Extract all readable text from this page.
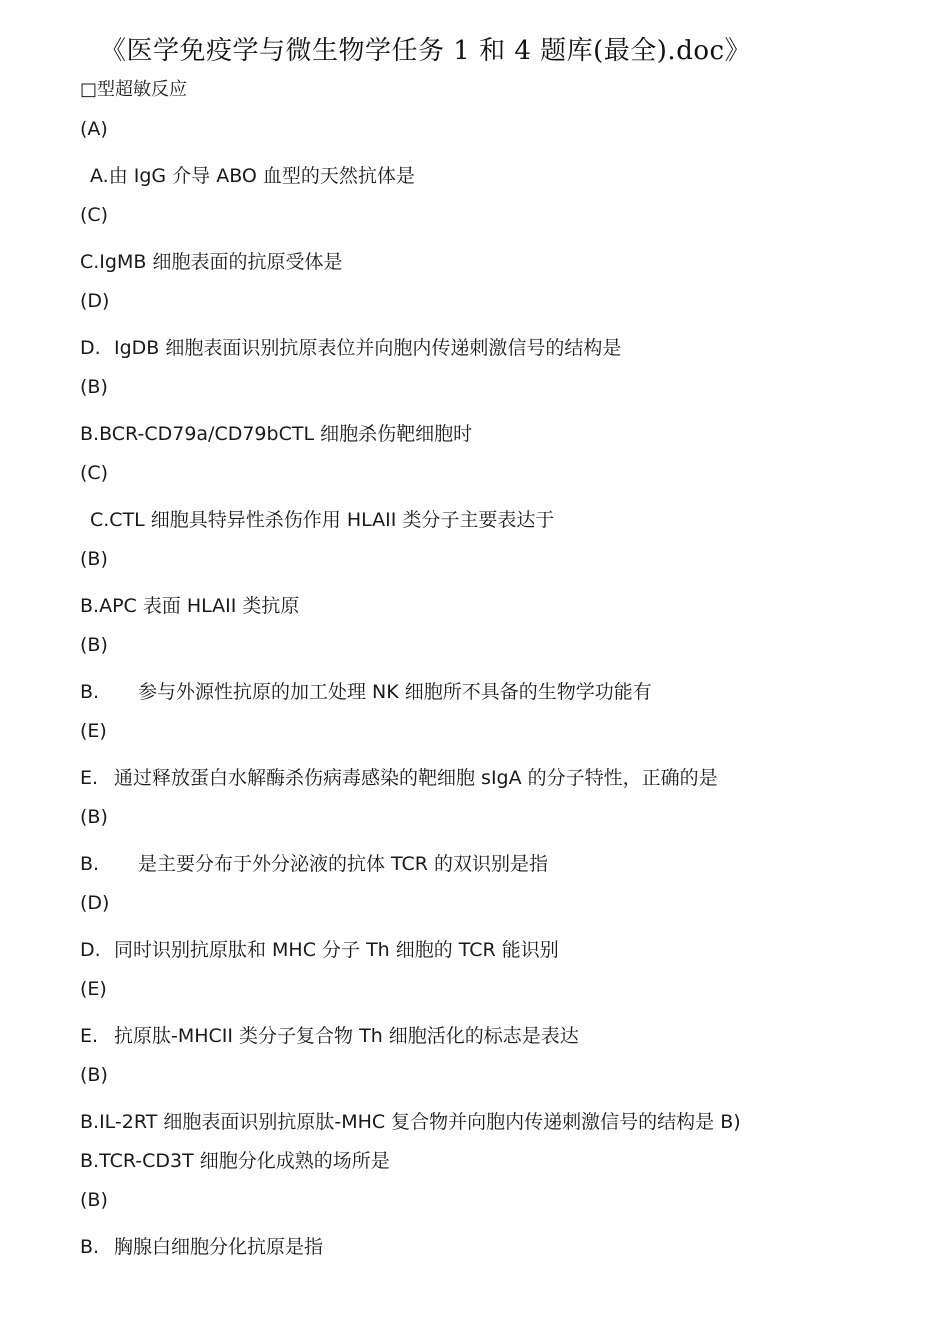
《医学免疫学与微生物学任务 1 和 4 题库(最全).doc》
□型超敏反应
(A)
A.由 IgG 介导 ABO 血型的天然抗体是
(C)
C.IgMB 细胞表面的抗原受体是
(D)
D. IgDB 细胞表面识别抗原表位并向胞内传递刺激信号的结构是
(B)
B.BCR-CD79a/CD79bCTL 细胞杀伤靶细胞时
(C)
C.CTL 细胞具特异性杀伤作用 HLAII 类分子主要表达于
(B)
B.APC 表面 HLAII 类抗原
(B)
B. 参与外源性抗原的加工处理 NK 细胞所不具备的生物学功能有
(E)
E. 通过释放蛋白水解酶杀伤病毒感染的靶细胞 sIgA 的分子特性，正确的是
(B)
B. 是主要分布于外分泌液的抗体 TCR 的双识别是指
(D)
D. 同时识别抗原肽和 MHC 分子 Th 细胞的 TCR 能识别
(E)
E. 抗原肽-MHCII 类分子复合物 Th 细胞活化的标志是表达
(B)
B.IL-2RT 细胞表面识别抗原肽-MHC 复合物并向胞内传递刺激信号的结构是 B)
B.TCR-CD3T 细胞分化成熟的场所是
(B)
B. 胸腺白细胞分化抗原是指
